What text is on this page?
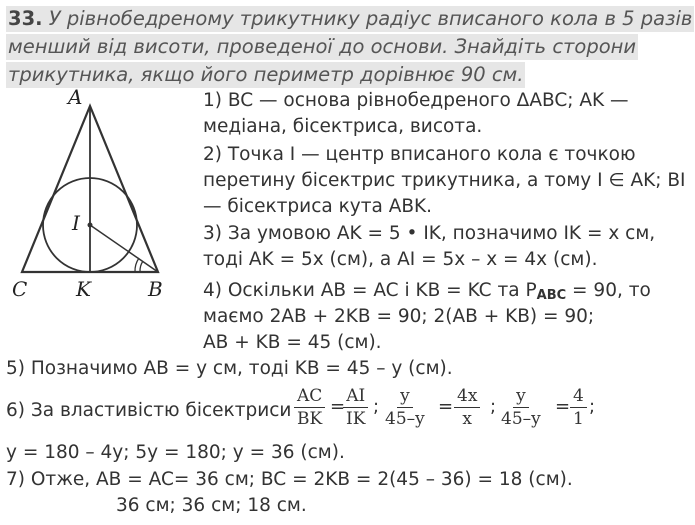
33. У рівнобедреному трикутнику радіус вписаного кола в 5 разів
менший від висоти, проведеної до основи. Знайдіть сторони
трикутника, якщо його периметр дорівнює 90 см.
A
C K	B
I
1) BC — основа рівнобедреного ΔABC; AK —
медіана, бісектриса, висота.
2) Точка I — центр вписаного кола є точкою
перетину бісектрис трикутника, а тому I ∈ AK; BI
— бісектриса кута ABK.
3) За умовою AK = 5 • IK, позначимо IK = x см,
тоді AK = 5x (см), а AI = 5x – x = 4x (см).
4) Оскільки AB = AC і KB = KC та $P_{ABC} = 90$, то
маємо 2AB + 2KB = 90; 2(AB + KB) = 90;
AB + KB = 45 (см).
5) Позначимо AB = y см, тоді KB = 45 – y (см).
6) За властивістю бісектриси $\frac{AC}{BK}$ =
$\frac{AI}{IK}$ ; $\frac{y}{45-y} = \frac{4x}{x}$ ; $\frac{y}{45-y} = \frac{4}{1}$ ;
y = 180 – 4y; 5y = 180; y = 36 (см).
7) Отже, AB = AC= 36 см; BC = 2KB = 2(45 – 36) = 18 (см).
36 см; 36 см; 18 см.
